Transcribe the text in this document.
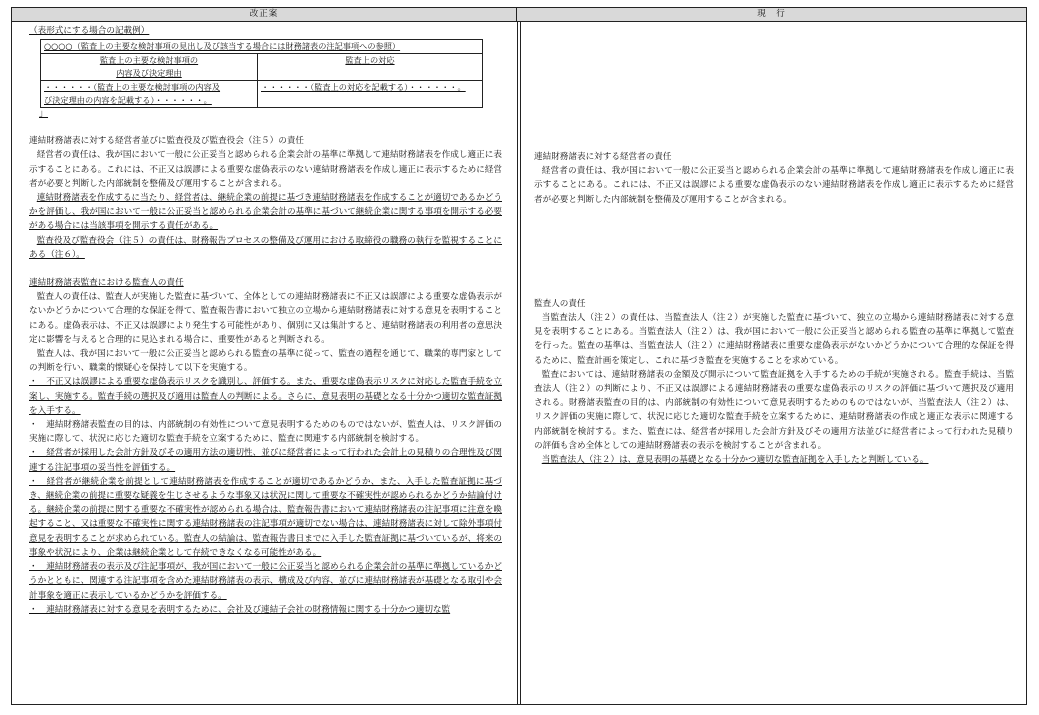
改正案	現　行

（表形式にする場合の記載例）

○○○○（監査上の主要な検討事項の見出し及び該当する場合には財務諸表の注記事項への参照）	
監査上の主要な検討事項の
内容及び決定理由	監査上の対応
・・・・・・（監査上の主要な検討事項の内容及
び決定理由の内容を記載する）・・・・・・。	・・・・・・（監査上の対応を記載する）・・・・・・。
」

連結財務諸表に対する経営者並びに監査役及び監査役会（注５）の責任

経営者の責任は、我が国において一般に公正妥当と認められる企業会計の基準に準拠して連結財務諸表を作成し適正に表示することにある。これには、不正又は誤謬による重要な虚偽表示のない連結財務諸表を作成し適正に表示するために経営者が必要と判断した内部統制を整備及び運用することが含まれる。

連結財務諸表を作成するに当たり、経営者は、継続企業の前提に基づき連結財務諸表を作成することが適切であるかどうかを評価し、我が国において一般に公正妥当と認められる企業会計の基準に基づいて継続企業に関する事項を開示する必要がある場合には当該事項を開示する責任がある。

監査役及び監査役会（注５）の責任は、財務報告プロセスの整備及び運用における取締役の職務の執行を監視することにある（注６）。

連結財務諸表監査における監査人の責任

監査人の責任は、監査人が実施した監査に基づいて、全体としての連結財務諸表に不正又は誤謬による重要な虚偽表示がないかどうかについて合理的な保証を得て、監査報告書において独立の立場から連結財務諸表に対する意見を表明することにある。虚偽表示は、不正又は誤謬により発生する可能性があり、個別に又は集計すると、連結財務諸表の利用者の意思決定に影響を与えると合理的に見込まれる場合に、重要性があると判断される。

監査人は、我が国において一般に公正妥当と認められる監査の基準に従って、監査の過程を通じて、職業的専門家としての判断を行い、職業的懐疑心を保持して以下を実施する。

・　不正又は誤謬による重要な虚偽表示リスクを識別し、評価する。また、重要な虚偽表示リスクに対応した監査手続を立案し、実施する。監査手続の選択及び適用は監査人の判断による。さらに、意見表明の基礎となる十分かつ適切な監査証拠を入手する。

・　連結財務諸表監査の目的は、内部統制の有効性について意見表明するためのものではないが、監査人は、リスク評価の実施に際して、状況に応じた適切な監査手続を立案するために、監査に関連する内部統制を検討する。

・　経営者が採用した会計方針及びその適用方法の適切性、並びに経営者によって行われた会計上の見積りの合理性及び関連する注記事項の妥当性を評価する。

・　経営者が継続企業を前提として連結財務諸表を作成することが適切であるかどうか、また、入手した監査証拠に基づき、継続企業の前提に重要な疑義を生じさせるような事象又は状況に関して重要な不確実性が認められるかどうか結論付ける。継続企業の前提に関する重要な不確実性が認められる場合は、監査報告書において連結財務諸表の注記事項に注意を喚起すること、又は重要な不確実性に関する連結財務諸表の注記事項が適切でない場合は、連結財務諸表に対して除外事項付意見を表明することが求められている。監査人の結論は、監査報告書日までに入手した監査証拠に基づいているが、将来の事象や状況により、企業は継続企業として存続できなくなる可能性がある。

・　連結財務諸表の表示及び注記事項が、我が国において一般に公正妥当と認められる企業会計の基準に準拠しているかどうかとともに、関連する注記事項を含めた連結財務諸表の表示、構成及び内容、並びに連結財務諸表が基礎となる取引や会計事象を適正に表示しているかどうかを評価する。

・　連結財務諸表に対する意見を表明するために、会社及び連結子会社の財務情報に関する十分かつ適切な監

連結財務諸表に対する経営者の責任

経営者の責任は、我が国において一般に公正妥当と認められる企業会計の基準に準拠して連結財務諸表を作成し適正に表示することにある。これには、不正又は誤謬による重要な虚偽表示のない連結財務諸表を作成し適正に表示するために経営者が必要と判断した内部統制を整備及び運用することが含まれる。

監査人の責任

当監査法人（注２）の責任は、当監査法人（注２）が実施した監査に基づいて、独立の立場から連結財務諸表に対する意見を表明することにある。当監査法人（注２）は、我が国において一般に公正妥当と認められる監査の基準に準拠して監査を行った。監査の基準は、当監査法人（注２）に連結財務諸表に重要な虚偽表示がないかどうかについて合理的な保証を得るために、監査計画を策定し、これに基づき監査を実施することを求めている。

監査においては、連結財務諸表の金額及び開示について監査証拠を入手するための手続が実施される。監査手続は、当監査法人（注２）の判断により、不正又は誤謬による連結財務諸表の重要な虚偽表示のリスクの評価に基づいて選択及び適用される。財務諸表監査の目的は、内部統制の有効性について意見表明するためのものではないが、当監査法人（注２）は、リスク評価の実施に際して、状況に応じた適切な監査手続を立案するために、連結財務諸表の作成と適正な表示に関連する内部統制を検討する。また、監査には、経営者が採用した会計方針及びその適用方法並びに経営者によって行われた見積りの評価も含め全体としての連結財務諸表の表示を検討することが含まれる。

当監査法人（注２）は、意見表明の基礎となる十分かつ適切な監査証拠を入手したと判断している。
